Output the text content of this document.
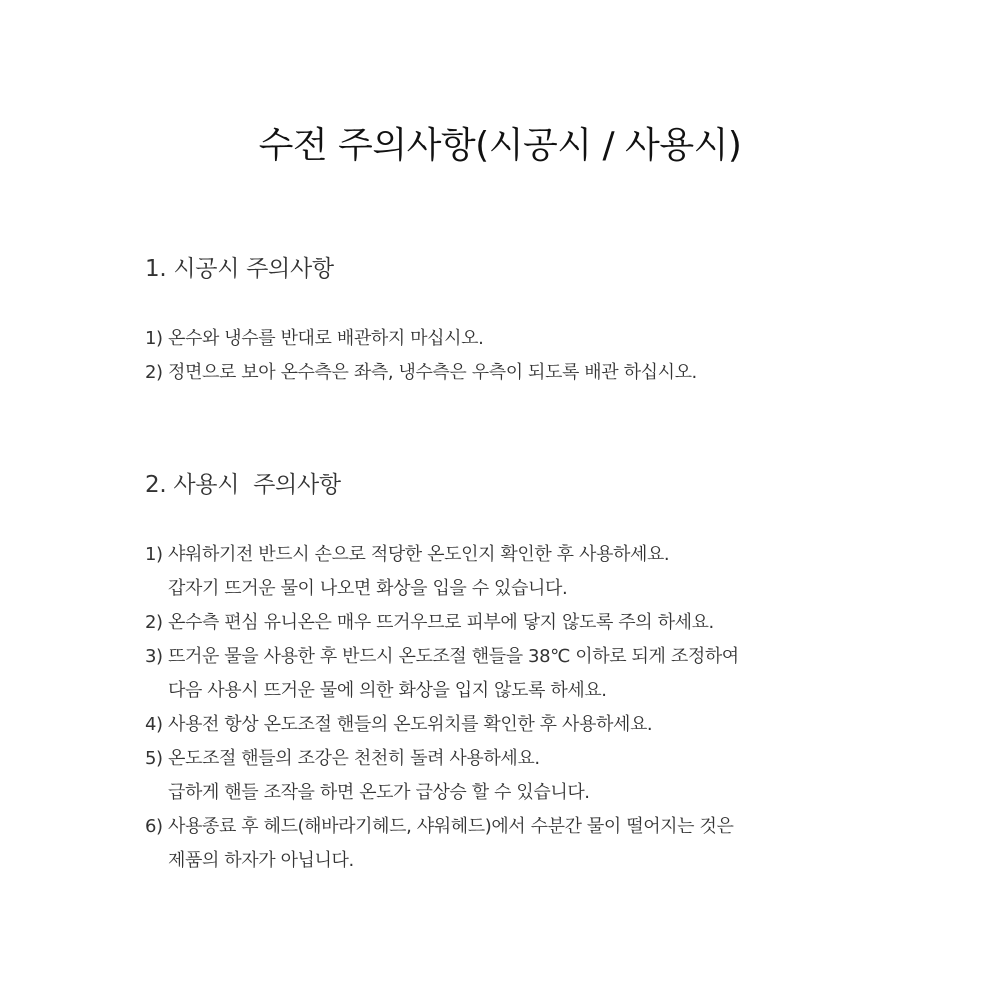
수전 주의사항(시공시 / 사용시)
1. 시공시 주의사항
1) 온수와 냉수를 반대로 배관하지 마십시오.
2) 정면으로 보아 온수측은 좌측, 냉수측은 우측이 되도록 배관 하십시오.
2. 사용시  주의사항
1) 샤워하기전 반드시 손으로 적당한 온도인지 확인한 후 사용하세요.
갑자기 뜨거운 물이 나오면 화상을 입을 수 있습니다.
2) 온수측 편심 유니온은 매우 뜨거우므로 피부에 닿지 않도록 주의 하세요.
3) 뜨거운 물을 사용한 후 반드시 온도조절 핸들을 38℃ 이하로 되게 조정하여
다음 사용시 뜨거운 물에 의한 화상을 입지 않도록 하세요.
4) 사용전 항상 온도조절 핸들의 온도위치를 확인한 후 사용하세요.
5) 온도조절 핸들의 조강은 천천히 돌려 사용하세요.
급하게 핸들 조작을 하면 온도가 급상승 할 수 있습니다.
6) 사용종료 후 헤드(해바라기헤드, 샤워헤드)에서 수분간 물이 떨어지는 것은
제품의 하자가 아닙니다.
